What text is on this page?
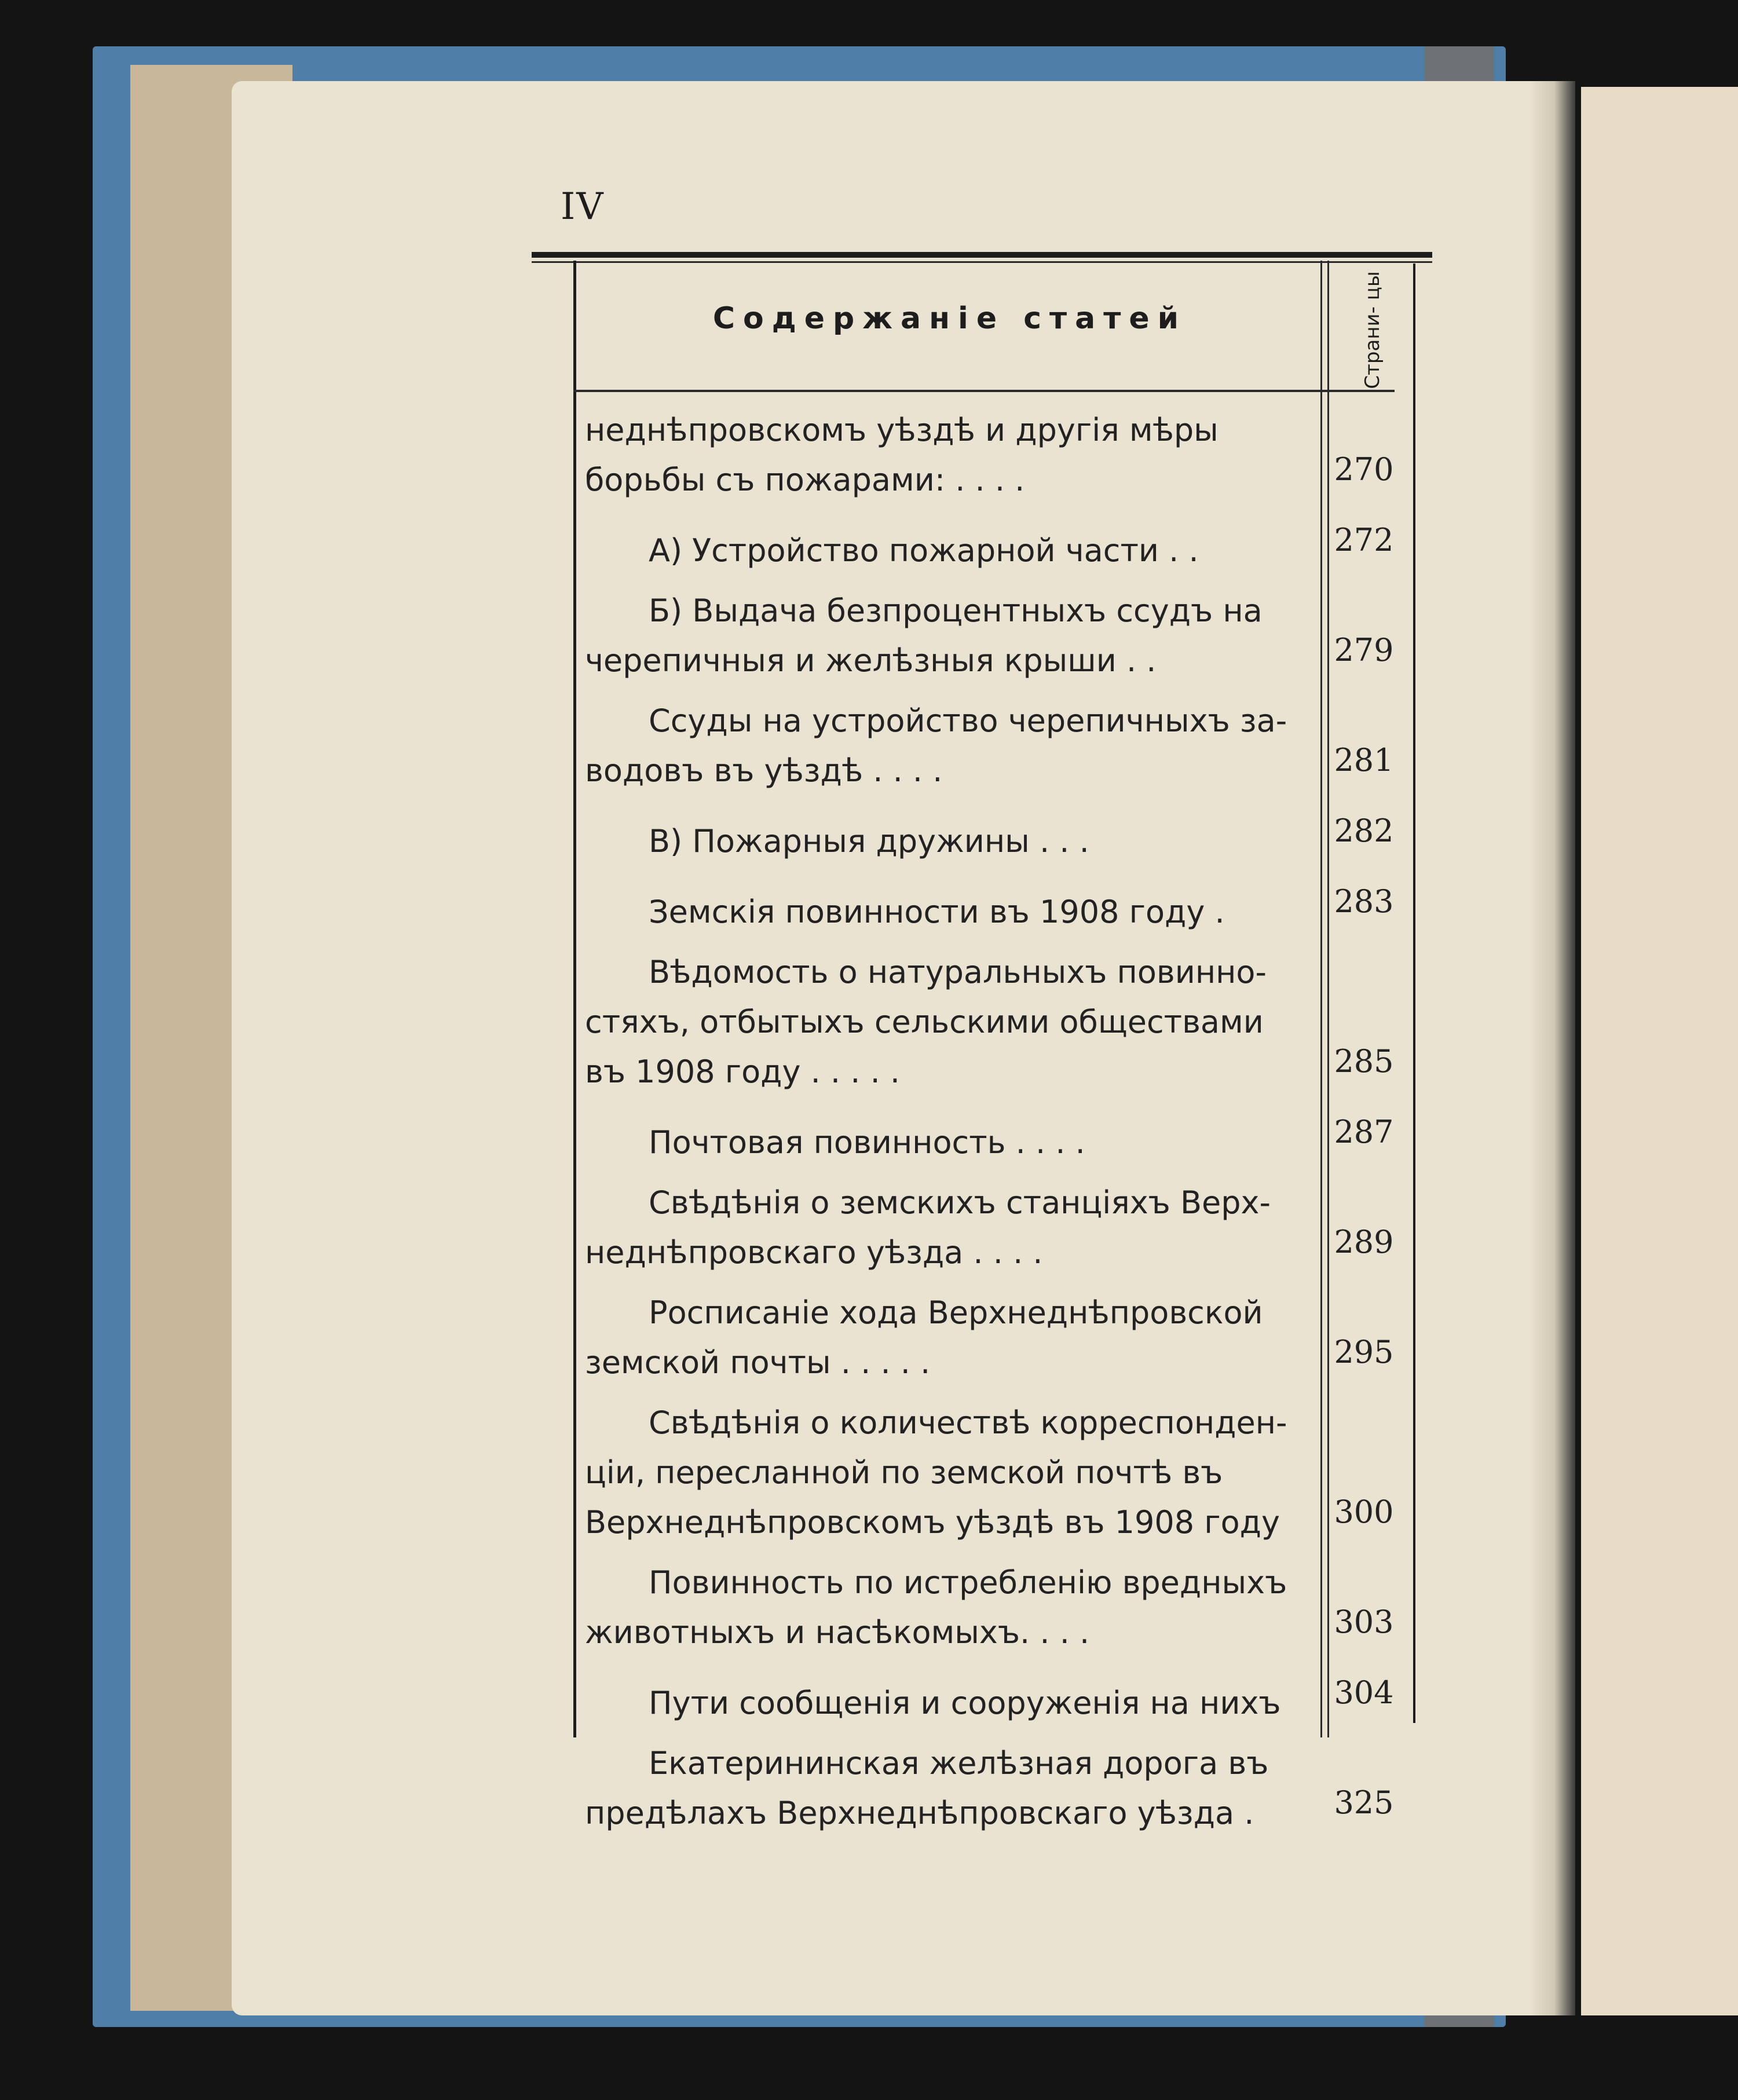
IV
Содержаніе статей	Страни- цы
неднѣпровскомъ уѣздѣ и другія мѣры
борьбы съ пожарами: . . . .	270
А) Устройство пожарной части . .	272
Б) Выдача безпроцентныхъ ссудъ на
черепичныя и желѣзныя крыши . .	279
Ссуды на устройство черепичныхъ за-
водовъ въ уѣздѣ . . . .	281
В) Пожарныя дружины . . .	282
Земскія повинности въ 1908 году .	283
Вѣдомость о натуральныхъ повинно-
стяхъ, отбытыхъ сельскими обществами
въ 1908 году . . . . .	285
Почтовая повинность . . . .	287
Свѣдѣнія о земскихъ станціяхъ Верх-
неднѣпровскаго уѣзда . . . .	289
Росписаніе хода Верхнеднѣпровской
земской почты . . . . .	295
Свѣдѣнія о количествѣ корреспонден-
ціи, пересланной по земской почтѣ въ
Верхнеднѣпровскомъ уѣздѣ въ 1908 году	300
Повинность по истребленію вредныхъ
животныхъ и насѣкомыхъ. . . .	303
Пути сообщенія и сооруженія на нихъ	304
Екатерининская желѣзная дорога въ
предѣлахъ Верхнеднѣпровскаго уѣзда .	325
